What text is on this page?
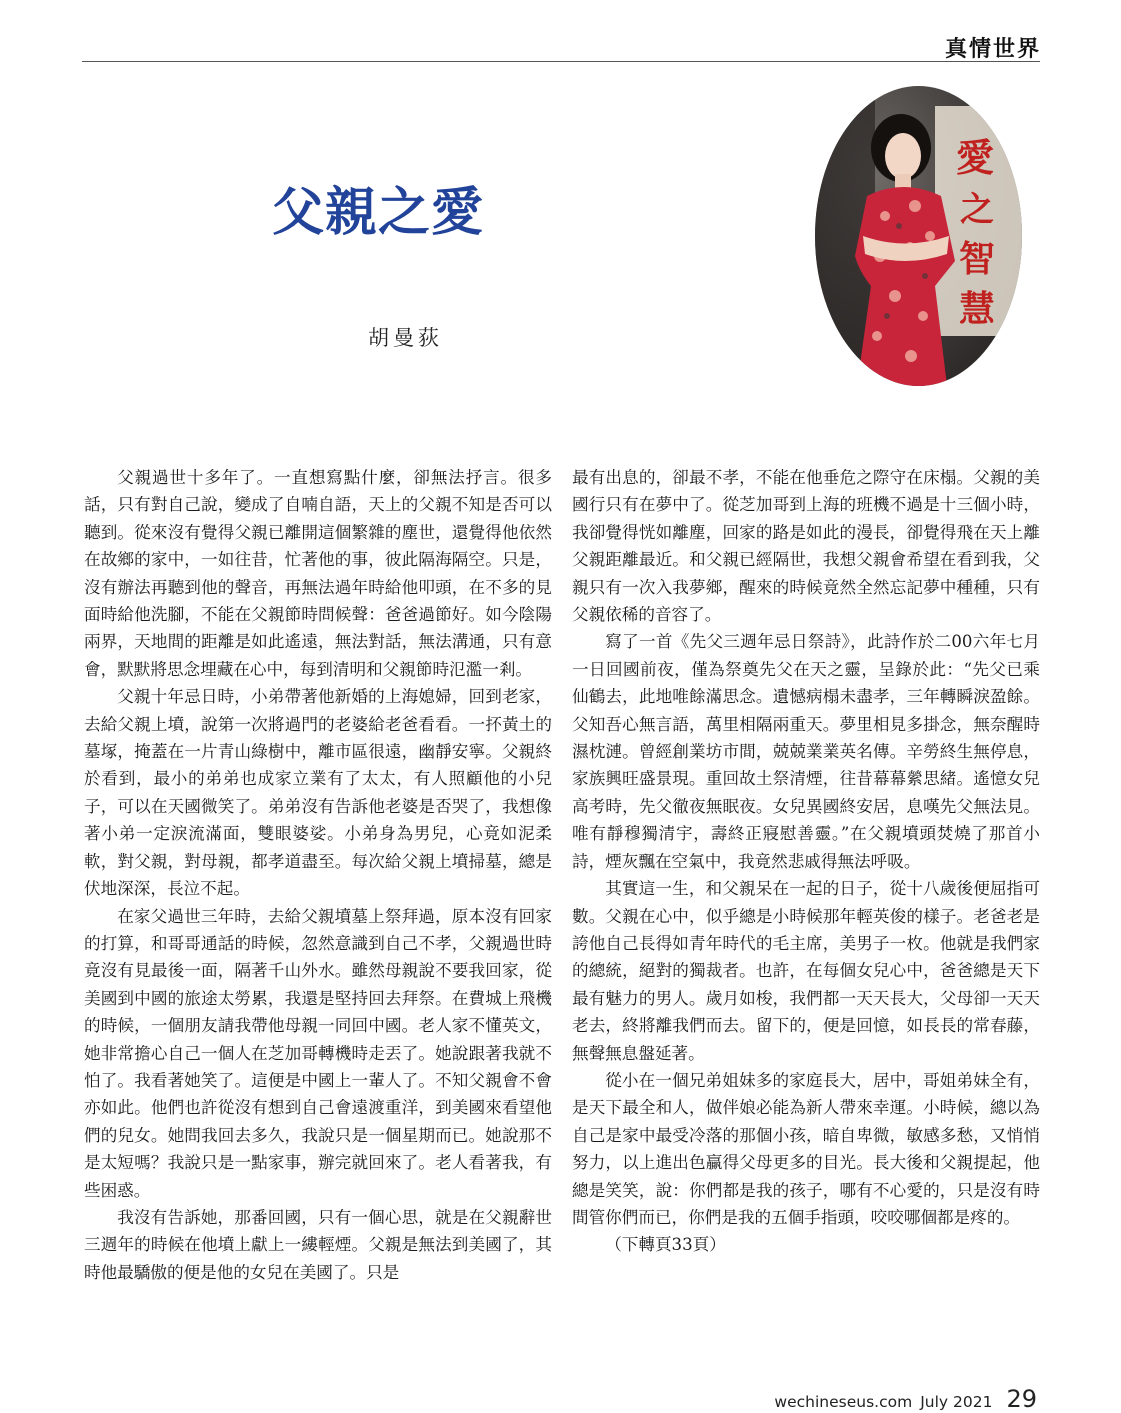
真情世界
父親之愛
胡曼荻
愛
之
智
慧

父親過世十多年了。一直想寫點什麼，卻無法抒言。很多話，只有對自己說，變成了自喃自語，天上的父親不知是否可以聽到。從來沒有覺得父親已離開這個繁雜的塵世，還覺得他依然在故鄉的家中，一如往昔，忙著他的事，彼此隔海隔空。只是，沒有辦法再聽到他的聲音，再無法過年時給他叩頭，在不多的見面時給他洗腳，不能在父親節時問候聲：爸爸過節好。如今陰陽兩界，天地間的距離是如此遙遠，無法對話，無法溝通，只有意會，默默將思念埋藏在心中，每到清明和父親節時氾濫一剎。

父親十年忌日時，小弟帶著他新婚的上海媳婦，回到老家，去給父親上墳，說第一次將過門的老婆給老爸看看。一抔黃土的墓塚，掩蓋在一片青山綠樹中，離市區很遠，幽靜安寧。父親終於看到，最小的弟弟也成家立業有了太太，有人照顧他的小兒子，可以在天國微笑了。弟弟沒有告訴他老婆是否哭了，我想像著小弟一定淚流滿面，雙眼婆娑。小弟身為男兒，心竟如泥柔軟，對父親，對母親，都孝道盡至。每次給父親上墳掃墓，總是伏地深深，長泣不起。

在家父過世三年時，去給父親墳墓上祭拜過，原本沒有回家的打算，和哥哥通話的時候，忽然意識到自己不孝，父親過世時竟沒有見最後一面，隔著千山外水。雖然母親說不要我回家，從美國到中國的旅途太勞累，我還是堅持回去拜祭。在費城上飛機的時候，一個朋友請我帶他母親一同回中國。老人家不懂英文，她非常擔心自己一個人在芝加哥轉機時走丟了。她說跟著我就不怕了。我看著她笑了。這便是中國上一輩人了。不知父親會不會亦如此。他們也許從沒有想到自己會遠渡重洋，到美國來看望他們的兒女。她問我回去多久，我說只是一個星期而已。她說那不是太短嗎？我說只是一點家事，辦完就回來了。老人看著我，有些困惑。

我沒有告訴她，那番回國，只有一個心思，就是在父親辭世三週年的時候在他墳上獻上一縷輕煙。父親是無法到美國了，其時他最驕傲的便是他的女兒在美國了。只是

最有出息的，卻最不孝，不能在他垂危之際守在床榻。父親的美國行只有在夢中了。從芝加哥到上海的班機不過是十三個小時，我卻覺得恍如離塵，回家的路是如此的漫長，卻覺得飛在天上離父親距離最近。和父親已經隔世，我想父親會希望在看到我，父親只有一次入我夢鄉，醒來的時候竟然全然忘記夢中種種，只有父親依稀的音容了。

寫了一首《先父三週年忌日祭詩》，此詩作於二00六年七月一日回國前夜，僅為祭奠先父在天之靈，呈錄於此：“先父已乘仙鶴去，此地唯餘滿思念。遺憾病榻未盡孝，三年轉瞬淚盈餘。父知吾心無言語，萬里相隔兩重天。夢里相見多掛念，無奈醒時濕枕漣。曾經創業坊市間，兢兢業業英名傳。辛勞終生無停息，家族興旺盛景現。重回故土祭清煙，往昔幕幕縈思緒。遙憶女兒高考時，先父徹夜無眠夜。女兒異國終安居，息嘆先父無法見。唯有靜穆獨清宇，壽終正寢慰善靈。”在父親墳頭焚燒了那首小詩，煙灰飄在空氣中，我竟然悲戚得無法呼吸。

其實這一生，和父親呆在一起的日子，從十八歲後便屈指可數。父親在心中，似乎總是小時候那年輕英俊的樣子。老爸老是誇他自己長得如青年時代的毛主席，美男子一枚。他就是我們家的總統，絕對的獨裁者。也許，在每個女兒心中，爸爸總是天下最有魅力的男人。歲月如梭，我們都一天天長大，父母卻一天天老去，終將離我們而去。留下的，便是回憶，如長長的常春藤，無聲無息盤延著。

從小在一個兄弟姐妹多的家庭長大，居中，哥姐弟妹全有，是天下最全和人，做伴娘必能為新人帶來幸運。小時候，總以為自己是家中最受冷落的那個小孩，暗自卑微，敏感多愁，又悄悄努力，以上進出色贏得父母更多的目光。長大後和父親提起，他總是笑笑，說：你們都是我的孩子，哪有不心愛的，只是沒有時間管你們而已，你們是我的五個手指頭，咬咬哪個都是疼的。

（下轉頁33頁）

wechineseus.com July 2021 29
